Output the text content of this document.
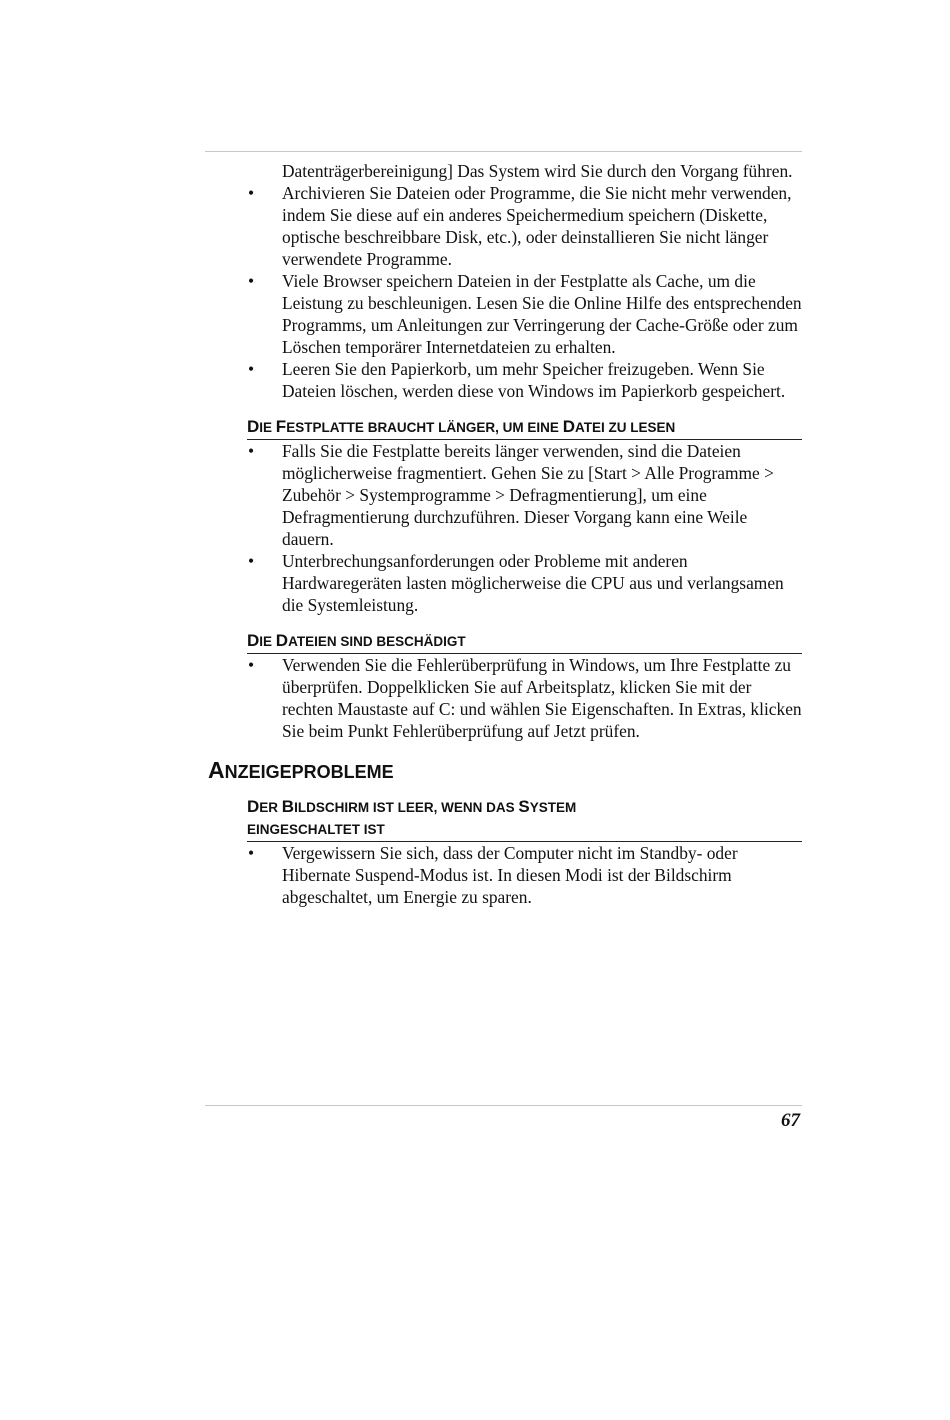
Datenträgerbereinigung] Das System wird Sie durch den Vorgang führen.

• Archivieren Sie Dateien oder Programme, die Sie nicht mehr verwenden, indem Sie diese auf ein anderes Speichermedium speichern (Diskette, optische beschreibbare Disk, etc.), oder deinstallieren Sie nicht länger verwendete Programme.
• Viele Browser speichern Dateien in der Festplatte als Cache, um die Leistung zu beschleunigen. Lesen Sie die Online Hilfe des entsprechenden Programms, um Anleitungen zur Verringerung der Cache-Größe oder zum Löschen temporärer Internetdateien zu erhalten.
• Leeren Sie den Papierkorb, um mehr Speicher freizugeben. Wenn Sie Dateien löschen, werden diese von Windows im Papierkorb gespeichert.
DIE FESTPLATTE BRAUCHT LÄNGER, UM EINE DATEI ZU LESEN
• Falls Sie die Festplatte bereits länger verwenden, sind die Dateien möglicherweise fragmentiert. Gehen Sie zu [Start > Alle Programme > Zubehör > Systemprogramme > Defragmentierung], um eine Defragmentierung durchzuführen. Dieser Vorgang kann eine Weile dauern.
• Unterbrechungsanforderungen oder Probleme mit anderen Hardwaregeräten lasten möglicherweise die CPU aus und verlangsamen die Systemleistung.
DIE DATEIEN SIND BESCHÄDIGT
• Verwenden Sie die Fehlerüberprüfung in Windows, um Ihre Festplatte zu überprüfen. Doppelklicken Sie auf Arbeitsplatz, klicken Sie mit der rechten Maustaste auf C: und wählen Sie Eigenschaften. In Extras, klicken Sie beim Punkt Fehlerüberprüfung auf Jetzt prüfen.
ANZEIGEPROBLEME
DER BILDSCHIRM IST LEER, WENN DAS SYSTEM
EINGESCHALTET IST
• Vergewissern Sie sich, dass der Computer nicht im Standby- oder Hibernate Suspend-Modus ist. In diesen Modi ist der Bildschirm abgeschaltet, um Energie zu sparen.
67
